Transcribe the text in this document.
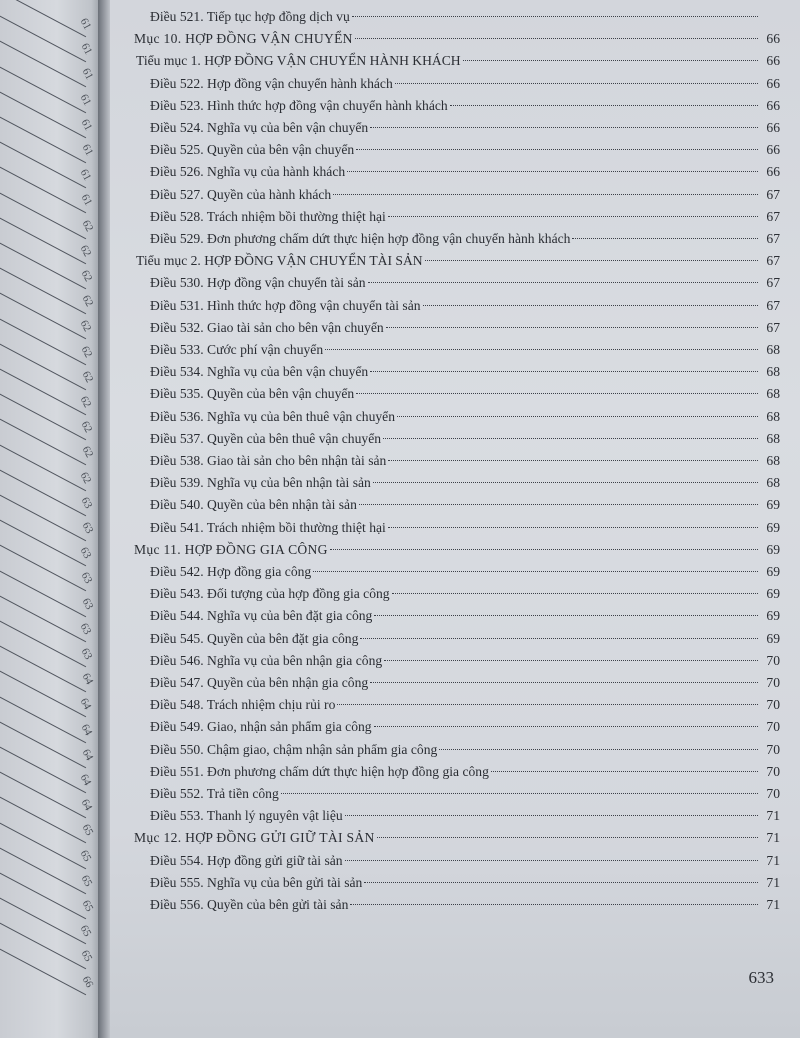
61
61
61
61
61
61
61
61
62
62
62
62
62
62
62
62
62
62
62
63
63
63
63
63
63
63
64
64
64
64
64
64
65
65
65
65
65
65
66
Điều 521. Tiếp tục hợp đồng dịch vụ
Mục 10. HỢP ĐỒNG VẬN CHUYỂN	66
Tiểu mục 1. HỢP ĐỒNG VẬN CHUYỂN HÀNH KHÁCH	66
Điều 522. Hợp đồng vận chuyển hành khách	66
Điều 523. Hình thức hợp đồng vận chuyển hành khách	66
Điều 524. Nghĩa vụ của bên vận chuyển	66
Điều 525. Quyền của bên vận chuyển	66
Điều 526. Nghĩa vụ của hành khách	66
Điều 527. Quyền của hành khách	67
Điều 528. Trách nhiệm bồi thường thiệt hại	67
Điều 529. Đơn phương chấm dứt thực hiện hợp đồng vận chuyển hành khách	67
Tiểu mục 2. HỢP ĐỒNG VẬN CHUYỂN TÀI SẢN	67
Điều 530. Hợp đồng vận chuyển tài sản	67
Điều 531. Hình thức hợp đồng vận chuyển tài sản	67
Điều 532. Giao tài sản cho bên vận chuyển	67
Điều 533. Cước phí vận chuyển	68
Điều 534. Nghĩa vụ của bên vận chuyển	68
Điều 535. Quyền của bên vận chuyển	68
Điều 536. Nghĩa vụ của bên thuê vận chuyển	68
Điều 537. Quyền của bên thuê vận chuyển	68
Điều 538. Giao tài sản cho bên nhận tài sản	68
Điều 539. Nghĩa vụ của bên nhận tài sản	68
Điều 540. Quyền của bên nhận tài sản	69
Điều 541. Trách nhiệm bồi thường thiệt hại	69
Mục 11. HỢP ĐỒNG GIA CÔNG	69
Điều 542. Hợp đồng gia công	69
Điều 543. Đối tượng của hợp đồng gia công	69
Điều 544. Nghĩa vụ của bên đặt gia công	69
Điều 545. Quyền của bên đặt gia công	69
Điều 546. Nghĩa vụ của bên nhận gia công	70
Điều 547. Quyền của bên nhận gia công	70
Điều 548. Trách nhiệm chịu rủi ro	70
Điều 549. Giao, nhận sản phẩm gia công	70
Điều 550. Chậm giao, chậm nhận sản phẩm gia công	70
Điều 551. Đơn phương chấm dứt thực hiện hợp đồng gia công	70
Điều 552. Trả tiền công	70
Điều 553. Thanh lý nguyên vật liệu	71
Mục 12. HỢP ĐỒNG GỬI GIỮ TÀI SẢN	71
Điều 554. Hợp đồng gửi giữ tài sản	71
Điều 555. Nghĩa vụ của bên gửi tài sản	71
Điều 556. Quyền của bên gửi tài sản	71
633
